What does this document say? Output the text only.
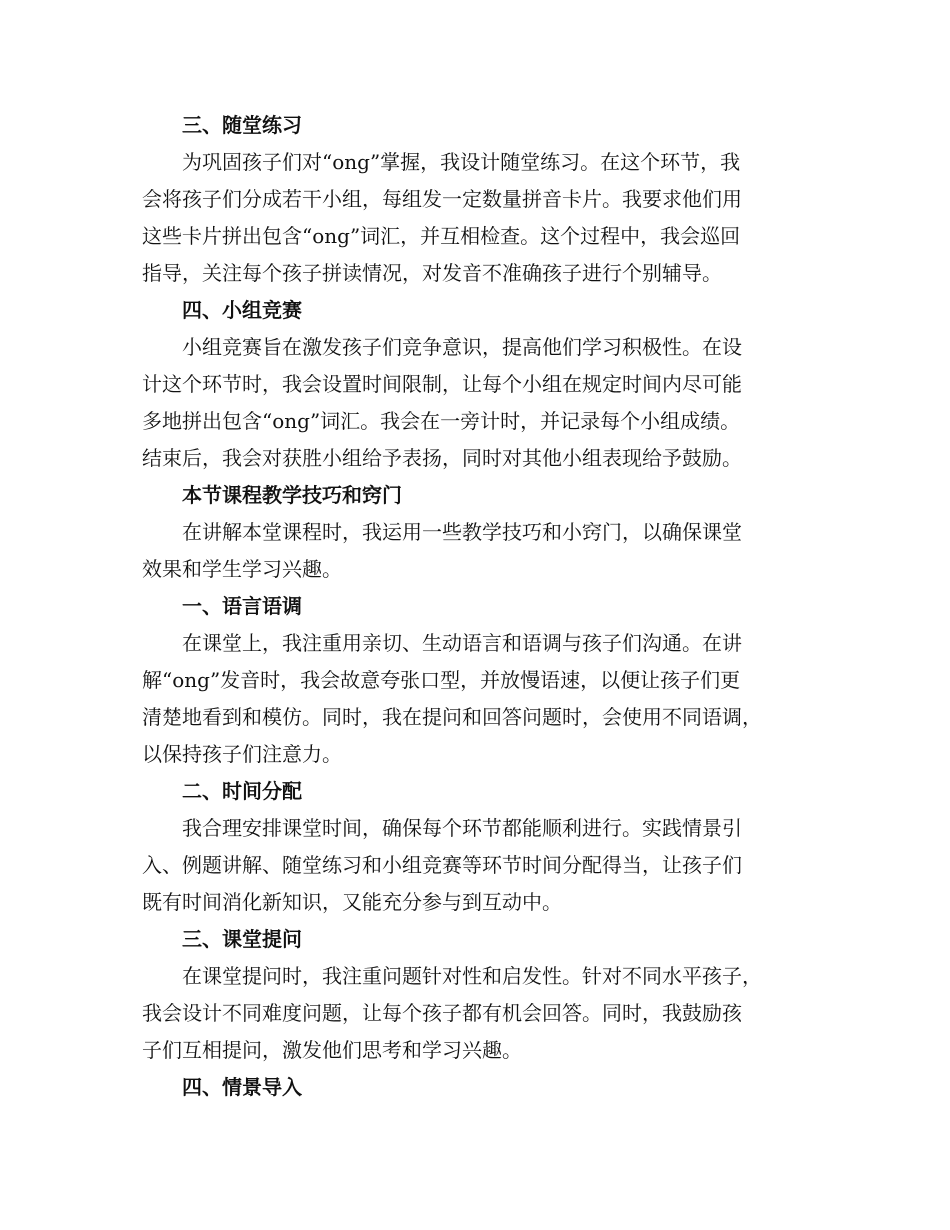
三、随堂练习

为巩固孩子们对“ong”掌握，我设计随堂练习。在这个环节，我
会将孩子们分成若干小组，每组发一定数量拼音卡片。我要求他们用
这些卡片拼出包含“ong”词汇，并互相检查。这个过程中，我会巡回
指导，关注每个孩子拼读情况，对发音不准确孩子进行个别辅导。

四、小组竞赛

小组竞赛旨在激发孩子们竞争意识，提高他们学习积极性。在设
计这个环节时，我会设置时间限制，让每个小组在规定时间内尽可能
多地拼出包含“ong”词汇。我会在一旁计时，并记录每个小组成绩。
结束后，我会对获胜小组给予表扬，同时对其他小组表现给予鼓励。

本节课程教学技巧和窍门

在讲解本堂课程时，我运用一些教学技巧和小窍门，以确保课堂
效果和学生学习兴趣。

一、语言语调

在课堂上，我注重用亲切、生动语言和语调与孩子们沟通。在讲
解“ong”发音时，我会故意夸张口型，并放慢语速，以便让孩子们更
清楚地看到和模仿。同时，我在提问和回答问题时，会使用不同语调，
以保持孩子们注意力。

二、时间分配

我合理安排课堂时间，确保每个环节都能顺利进行。实践情景引
入、例题讲解、随堂练习和小组竞赛等环节时间分配得当，让孩子们
既有时间消化新知识，又能充分参与到互动中。

三、课堂提问

在课堂提问时，我注重问题针对性和启发性。针对不同水平孩子，
我会设计不同难度问题，让每个孩子都有机会回答。同时，我鼓励孩
子们互相提问，激发他们思考和学习兴趣。

四、情景导入
